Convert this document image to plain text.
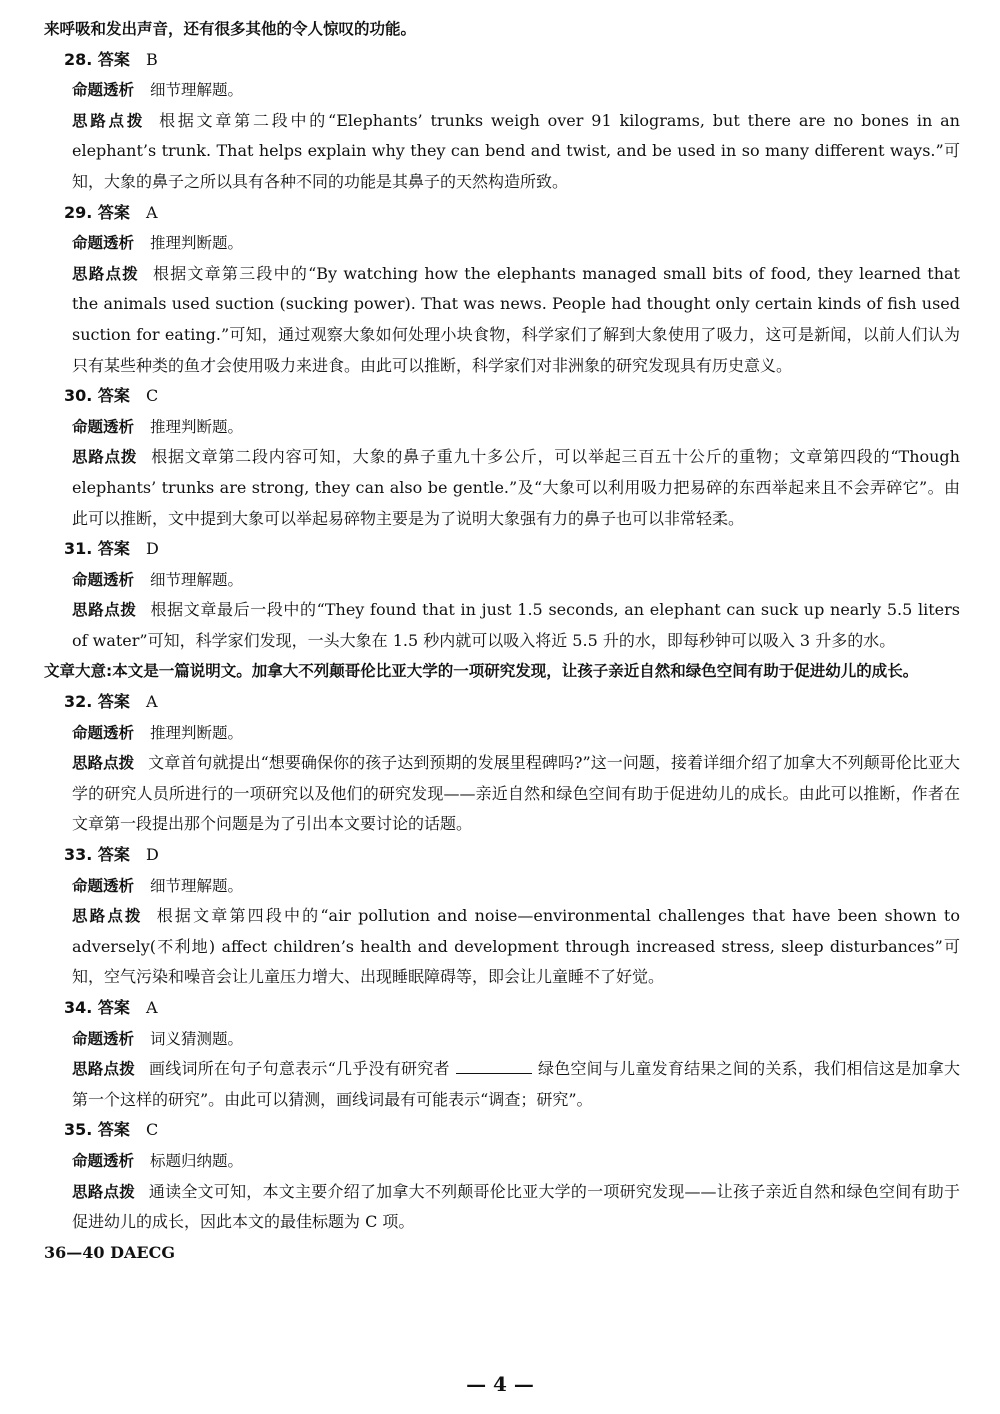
来呼吸和发出声音，还有很多其他的令人惊叹的功能。
28. 答案 B
命题透析 细节理解题。
思路点拨 根据文章第二段中的“Elephants’ trunks weigh over 91 kilograms, but there are no bones in an elephant’s trunk. That helps explain why they can bend and twist, and be used in so many different ways.”可知，大象的鼻子之所以具有各种不同的功能是其鼻子的天然构造所致。
29. 答案 A
命题透析 推理判断题。
思路点拨 根据文章第三段中的“By watching how the elephants managed small bits of food, they learned that the animals used suction (sucking power). That was news. People had thought only certain kinds of fish used suction for eating.”可知，通过观察大象如何处理小块食物，科学家们了解到大象使用了吸力，这可是新闻，以前人们认为只有某些种类的鱼才会使用吸力来进食。由此可以推断，科学家们对非洲象的研究发现具有历史意义。
30. 答案 C
命题透析 推理判断题。
思路点拨 根据文章第二段内容可知，大象的鼻子重九十多公斤，可以举起三百五十公斤的重物；文章第四段的“Though elephants’ trunks are strong, they can also be gentle.”及“大象可以利用吸力把易碎的东西举起来且不会弄碎它”。由此可以推断，文中提到大象可以举起易碎物主要是为了说明大象强有力的鼻子也可以非常轻柔。
31. 答案 D
命题透析 细节理解题。
思路点拨 根据文章最后一段中的“They found that in just 1.5 seconds, an elephant can suck up nearly 5.5 liters of water”可知，科学家们发现，一头大象在 1.5 秒内就可以吸入将近 5.5 升的水，即每秒钟可以吸入 3 升多的水。
文章大意:本文是一篇说明文。加拿大不列颠哥伦比亚大学的一项研究发现，让孩子亲近自然和绿色空间有助于促进幼儿的成长。
32. 答案 A
命题透析 推理判断题。
思路点拨 文章首句就提出“想要确保你的孩子达到预期的发展里程碑吗?”这一问题，接着详细介绍了加拿大不列颠哥伦比亚大学的研究人员所进行的一项研究以及他们的研究发现——亲近自然和绿色空间有助于促进幼儿的成长。由此可以推断，作者在文章第一段提出那个问题是为了引出本文要讨论的话题。
33. 答案 D
命题透析 细节理解题。
思路点拨 根据文章第四段中的“air pollution and noise—environmental challenges that have been shown to adversely(不利地) affect children’s health and development through increased stress, sleep disturbances”可知，空气污染和噪音会让儿童压力增大、出现睡眠障碍等，即会让儿童睡不了好觉。
34. 答案 A
命题透析 词义猜测题。
思路点拨 画线词所在句子句意表示“几乎没有研究者	绿色空间与儿童发育结果之间的关系，我们相信这是加拿大第一个这样的研究”。由此可以猜测，画线词最有可能表示“调查；研究”。
35. 答案 C
命题透析 标题归纳题。
思路点拨 通读全文可知，本文主要介绍了加拿大不列颠哥伦比亚大学的一项研究发现——让孩子亲近自然和绿色空间有助于促进幼儿的成长，因此本文的最佳标题为 C 项。
36—40 DAECG
— 4 —
